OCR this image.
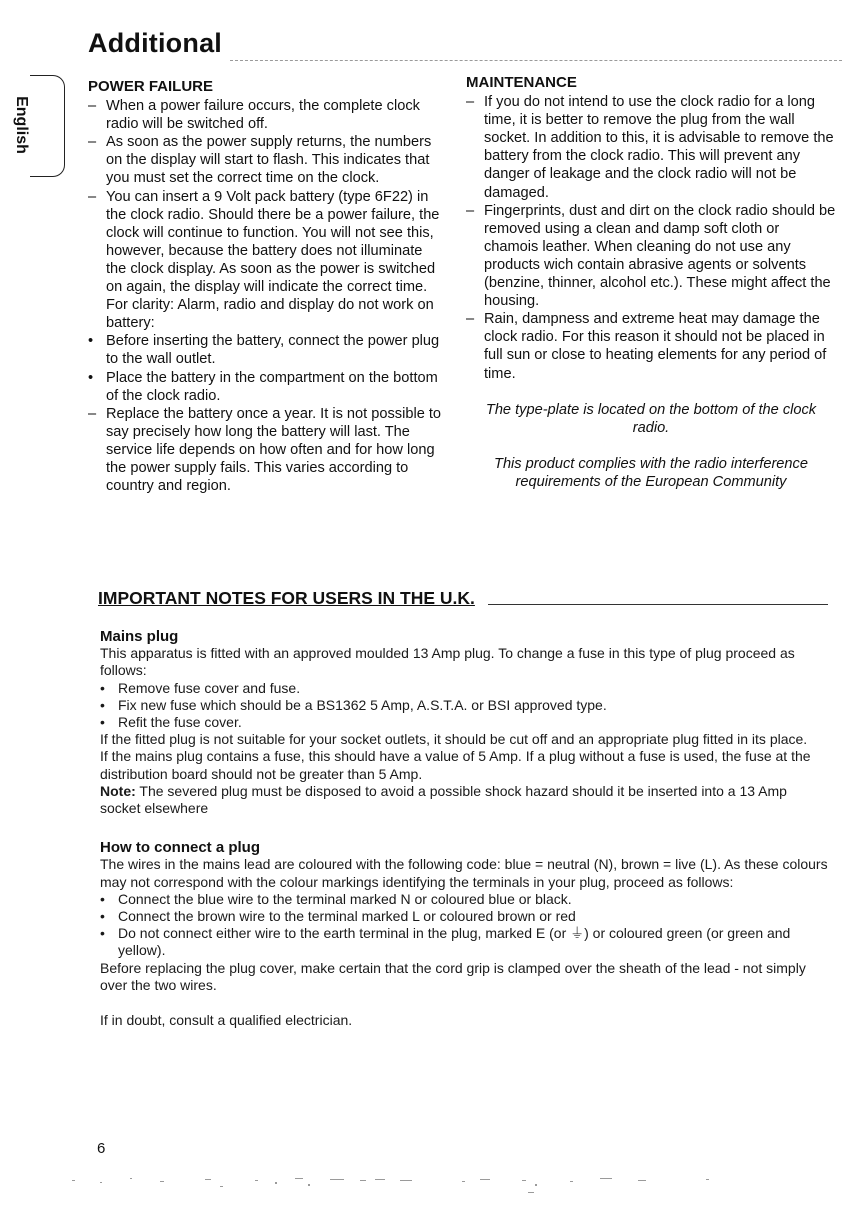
Additional
English
POWER FAILURE
– When a power failure occurs, the complete clock radio will be switched off.
– As soon as the power supply returns, the numbers on the display will start to flash. This indicates that you must set the correct time on the clock.
– You can insert a 9 Volt pack battery (type 6F22) in the clock radio. Should there be a power failure, the clock will continue to function. You will not see this, however, because the battery does not illuminate the clock display. As soon as the power is switched on again, the display will indicate the correct time. For clarity: Alarm, radio and display do not work on battery:
• Before inserting the battery, connect the power plug to the wall outlet.
• Place the battery in the compartment on the bottom of the clock radio.
– Replace the battery once a year. It is not possible to say precisely how long the battery will last. The service life depends on how often and for how long the power supply fails. This varies according to country and region.
MAINTENANCE
– If you do not intend to use the clock radio for a long time, it is better to remove the plug from the wall socket. In addition to this, it is advisable to remove the battery from the clock radio. This will prevent any danger of leakage and the clock radio will not be damaged.
– Fingerprints, dust and dirt on the clock radio should be removed using a clean and damp soft cloth or chamois leather. When cleaning do not use any products wich contain abrasive agents or solvents (benzine, thinner, alcohol etc.). These might affect the housing.
– Rain, dampness and extreme heat may damage the clock radio. For this reason it should not be placed in full sun or close to heating elements for any period of time.
The type-plate is located on the bottom of the clock radio.
This product complies with the radio interference requirements of the European Community
IMPORTANT NOTES FOR USERS IN THE U.K.
Mains plug

This apparatus is fitted with an approved moulded 13 Amp plug. To change a fuse in this type of plug proceed as follows:

• Remove fuse cover and fuse.
• Fix new fuse which should be a BS1362 5 Amp, A.S.T.A. or BSI approved type.
• Refit the fuse cover.

If the fitted plug is not suitable for your socket outlets, it should be cut off and an appropriate plug fitted in its place.

If the mains plug contains a fuse, this should have a value of 5 Amp. If a plug without a fuse is used, the fuse at the distribution board should not be greater than 5 Amp.

Note: The severed plug must be disposed to avoid a possible shock hazard should it be inserted into a 13 Amp socket elsewhere

How to connect a plug

The wires in the mains lead are coloured with the following code: blue = neutral (N), brown = live (L). As these colours may not correspond with the colour markings identifying the terminals in your plug, proceed as follows:

• Connect the blue wire to the terminal marked N or coloured blue or black.
• Connect the brown wire to the terminal marked L or coloured brown or red
• Do not connect either wire to the earth terminal in the plug, marked E (or ⏚) or coloured green (or green and yellow).

Before replacing the plug cover, make certain that the cord grip is clamped over the sheath of the lead - not simply over the two wires.

If in doubt, consult a qualified electrician.

6
